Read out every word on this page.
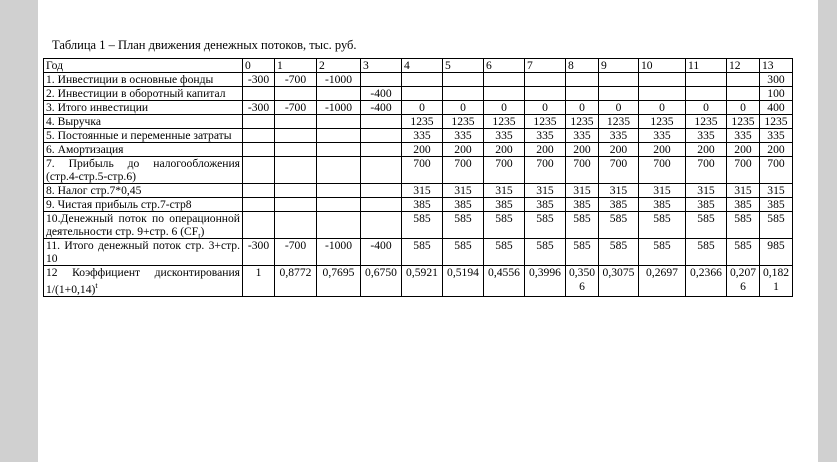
Таблица 1 – План движения денежных потоков, тыс. руб.
Год	0	1	2	3	4	5	6	7	8	9	10	11	12	13
1. Инвестиции в основные фонды	-300	-700	-1000											300
2. Инвестиции в оборотный капитал				-400										100
3. Итого инвестиции	-300	-700	-1000	-400	0	0	0	0	0	0	0	0	0	400
4. Выручка					1235	1235	1235	1235	1235	1235	1235	1235	1235	1235
5. Постоянные и переменные затраты					335	335	335	335	335	335	335	335	335	335
6. Амортизация					200	200	200	200	200	200	200	200	200	200
7. Прибыль до налогообложения (стр.4-стр.5-стр.6)					700	700	700	700	700	700	700	700	700	700
8. Налог стр.7*0,45					315	315	315	315	315	315	315	315	315	315
9. Чистая прибыль стр.7-стр8					385	385	385	385	385	385	385	385	385	385
10.Денежный поток по операционной деятельности стр. 9+стр. 6 $(CF_t)$					585	585	585	585	585	585	585	585	585	585
11. Итого денежный поток стр. 3+стр. 10	-300	-700	-1000	-400	585	585	585	585	585	585	585	585	585	985
12 Коэффициент дисконтирования $1/(1+0,14)^t$	1	0,8772	0,7695	0,6750	0,5921	0,5194	0,4556	0,3996	0,3506	0,3075	0,2697	0,2366	0,2076	0,1821
